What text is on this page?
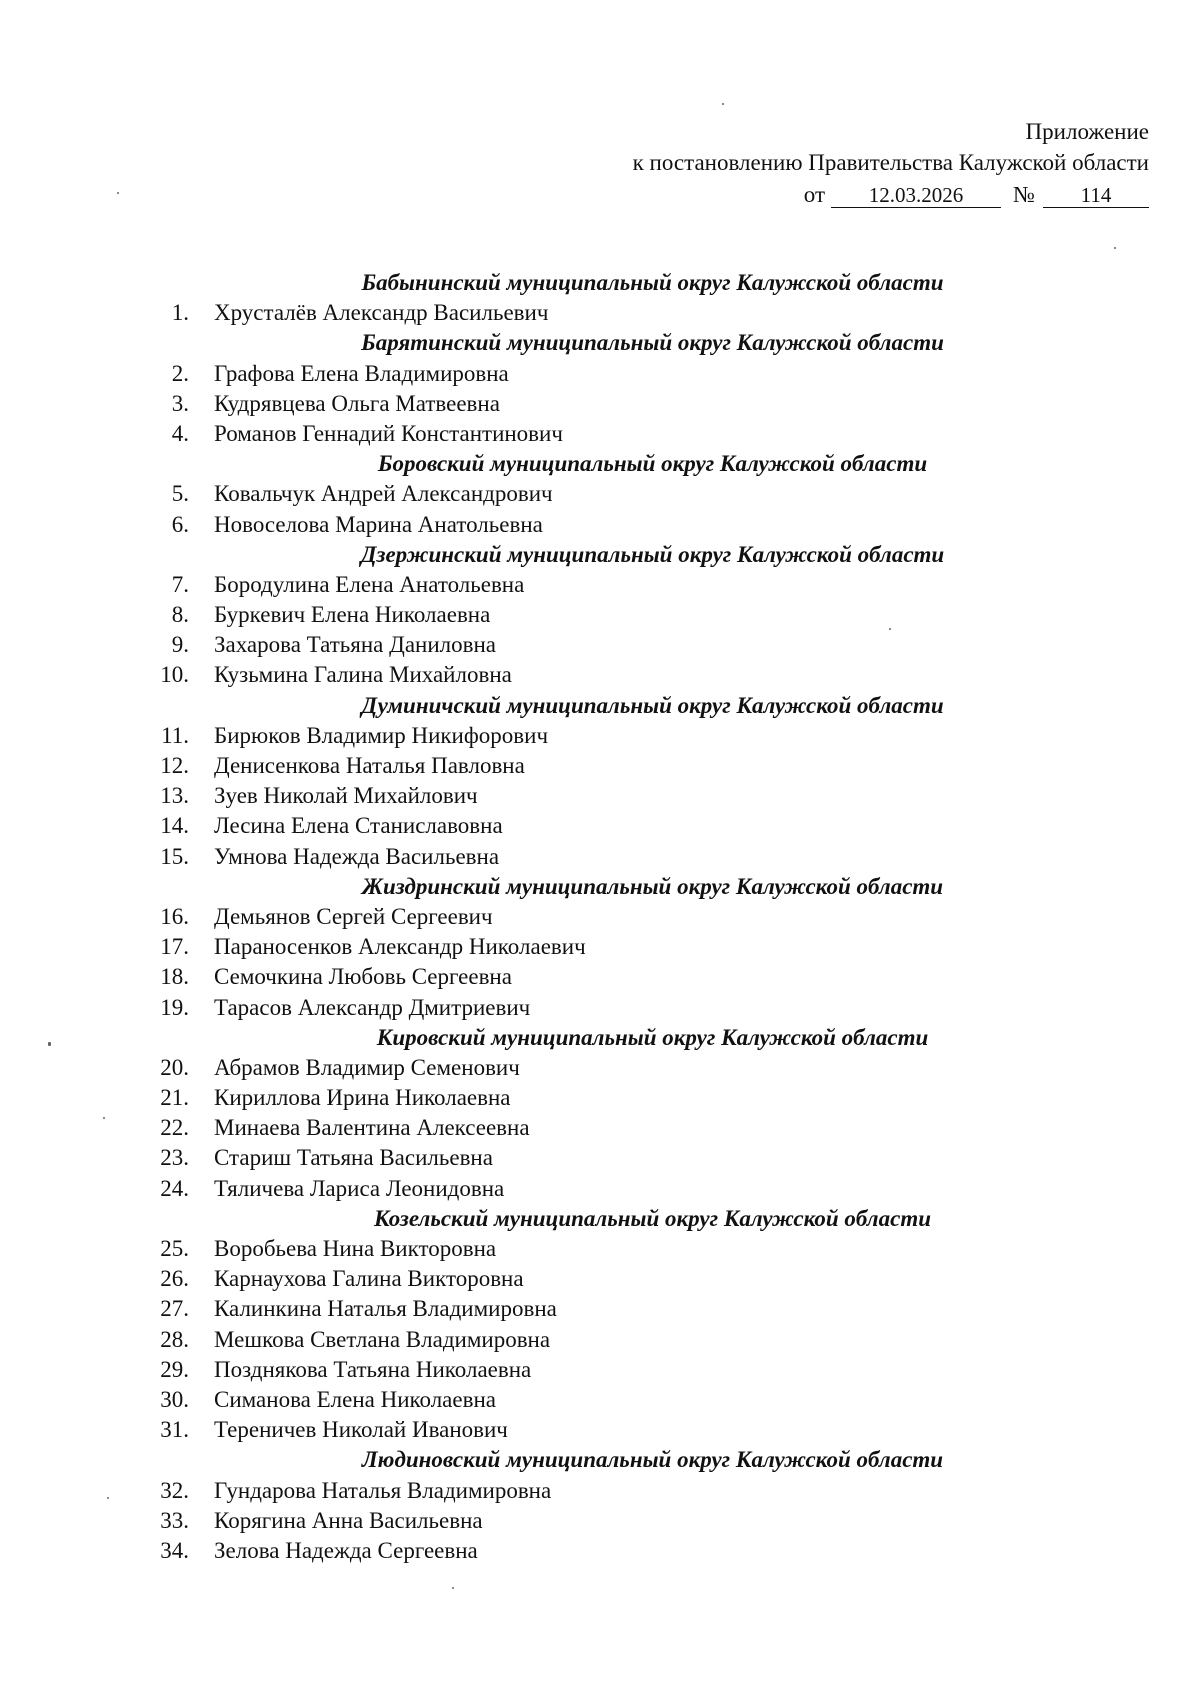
Приложение
к постановлению Правительства Калужской области
от 12.03.2026 № 114
Бабынинский муниципальный округ Калужской области
1. Хрусталёв Александр Васильевич
Барятинский муниципальный округ Калужской области
2. Графова Елена Владимировна
3. Кудрявцева Ольга Матвеевна
4. Романов Геннадий Константинович
Боровский муниципальный округ Калужской области
5. Ковальчук Андрей Александрович
6. Новоселова Марина Анатольевна
Дзержинский муниципальный округ Калужской области
7. Бородулина Елена Анатольевна
8. Буркевич Елена Николаевна
9. Захарова Татьяна Даниловна
10. Кузьмина Галина Михайловна
Думиничский муниципальный округ Калужской области
11. Бирюков Владимир Никифорович
12. Денисенкова Наталья Павловна
13. Зуев Николай Михайлович
14. Лесина Елена Станиславовна
15. Умнова Надежда Васильевна
Жиздринский муниципальный округ Калужской области
16. Демьянов Сергей Сергеевич
17. Параносенков Александр Николаевич
18. Семочкина Любовь Сергеевна
19. Тарасов Александр Дмитриевич
Кировский муниципальный округ Калужской области
20. Абрамов Владимир Семенович
21. Кириллова Ирина Николаевна
22. Минаева Валентина Алексеевна
23. Стариш Татьяна Васильевна
24. Тяличева Лариса Леонидовна
Козельский муниципальный округ Калужской области
25. Воробьева Нина Викторовна
26. Карнаухова Галина Викторовна
27. Калинкина Наталья Владимировна
28. Мешкова Светлана Владимировна
29. Позднякова Татьяна Николаевна
30. Симанова Елена Николаевна
31. Тереничев Николай Иванович
Людиновский муниципальный округ Калужской области
32. Гундарова Наталья Владимировна
33. Корягина Анна Васильевна
34. Зелова Надежда Сергеевна
